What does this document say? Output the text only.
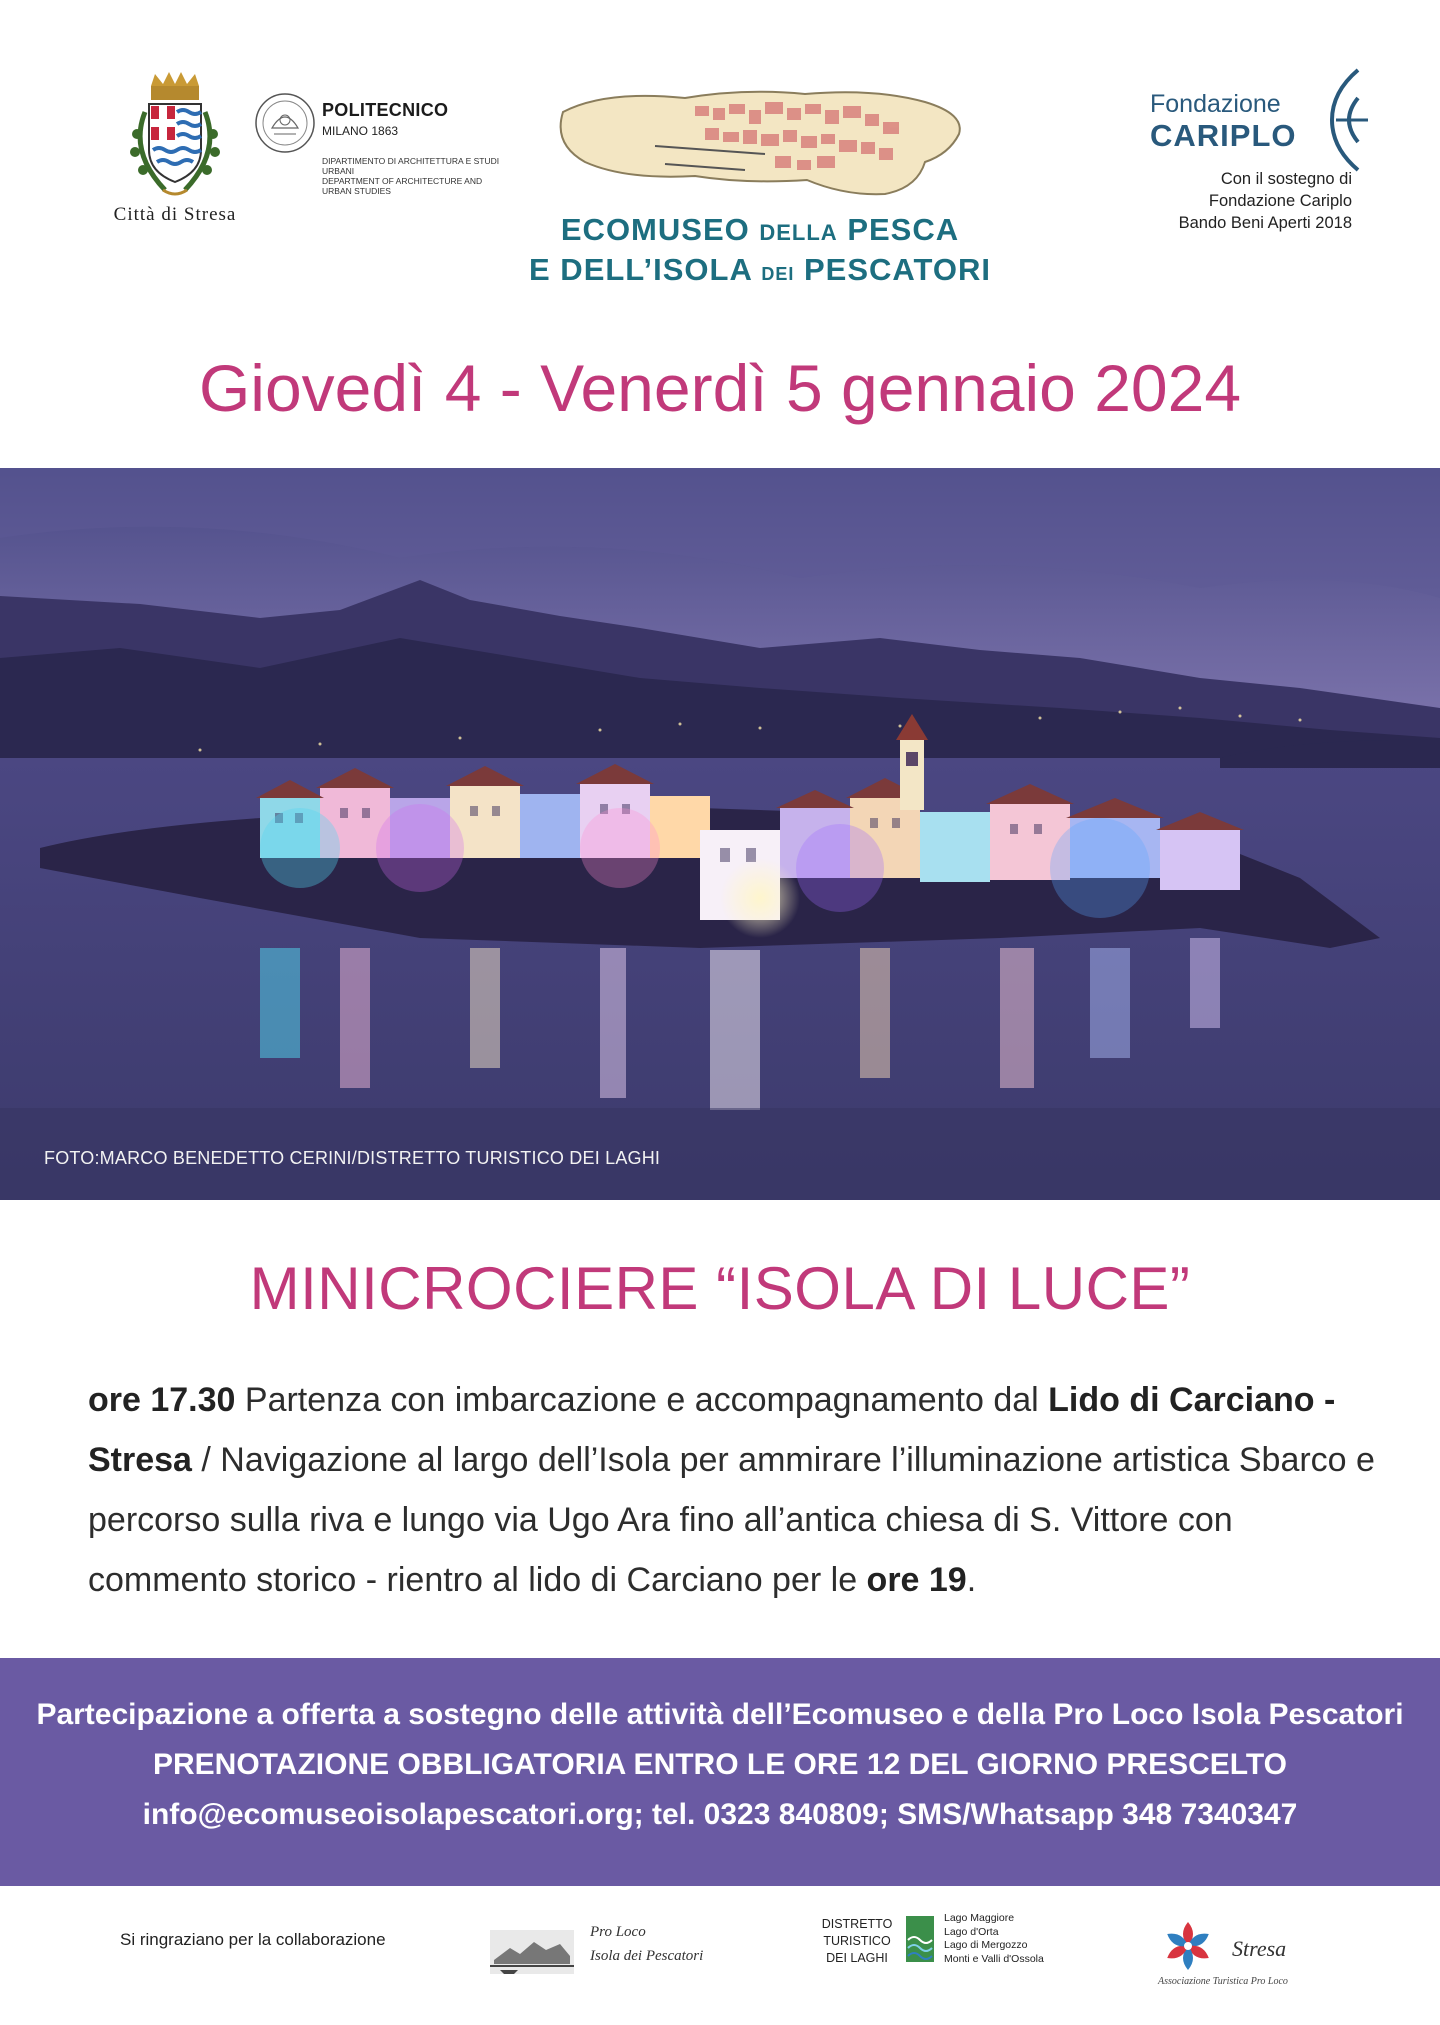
Città di Stresa
POLITECNICO
MILANO 1863
DIPARTIMENTO DI ARCHITETTURA E STUDI URBANI
DEPARTMENT OF ARCHITECTURE AND URBAN STUDIES
ECOMUSEO DELLA PESCA
E DELL’ISOLA DEI PESCATORI
Fondazione
CARIPLO
Con il sostegno di
Fondazione Cariplo
Bando Beni Aperti 2018
Giovedì 4 - Venerdì 5 gennaio 2024
FOTO:MARCO BENEDETTO CERINI/DISTRETTO TURISTICO DEI LAGHI
MINICROCIERE “ISOLA DI LUCE”
ore 17.30 Partenza con imbarcazione e accompagnamento dal Lido di Carciano - Stresa / Navigazione al largo dell’Isola per ammirare l’illuminazione artistica Sbarco e percorso sulla riva e lungo via Ugo Ara fino all’antica chiesa di S. Vittore con commento storico - rientro al lido di Carciano per le ore 19.
Partecipazione a offerta a sostegno delle attività dell’Ecomuseo e della Pro Loco Isola Pescatori
PRENOTAZIONE OBBLIGATORIA ENTRO LE ORE 12 DEL GIORNO PRESCELTO
info@ecomuseoisolapescatori.org; tel. 0323 840809; SMS/Whatsapp 348 7340347
Si ringraziano per la collaborazione	Pro Loco
Isola dei Pescatori
DISTRETTO
TURISTICO
DEI LAGHI
Lago Maggiore
Lago d'Orta
Lago di Mergozzo
Monti e Valli d'Ossola	Stresa
Associazione Turistica Pro Loco
